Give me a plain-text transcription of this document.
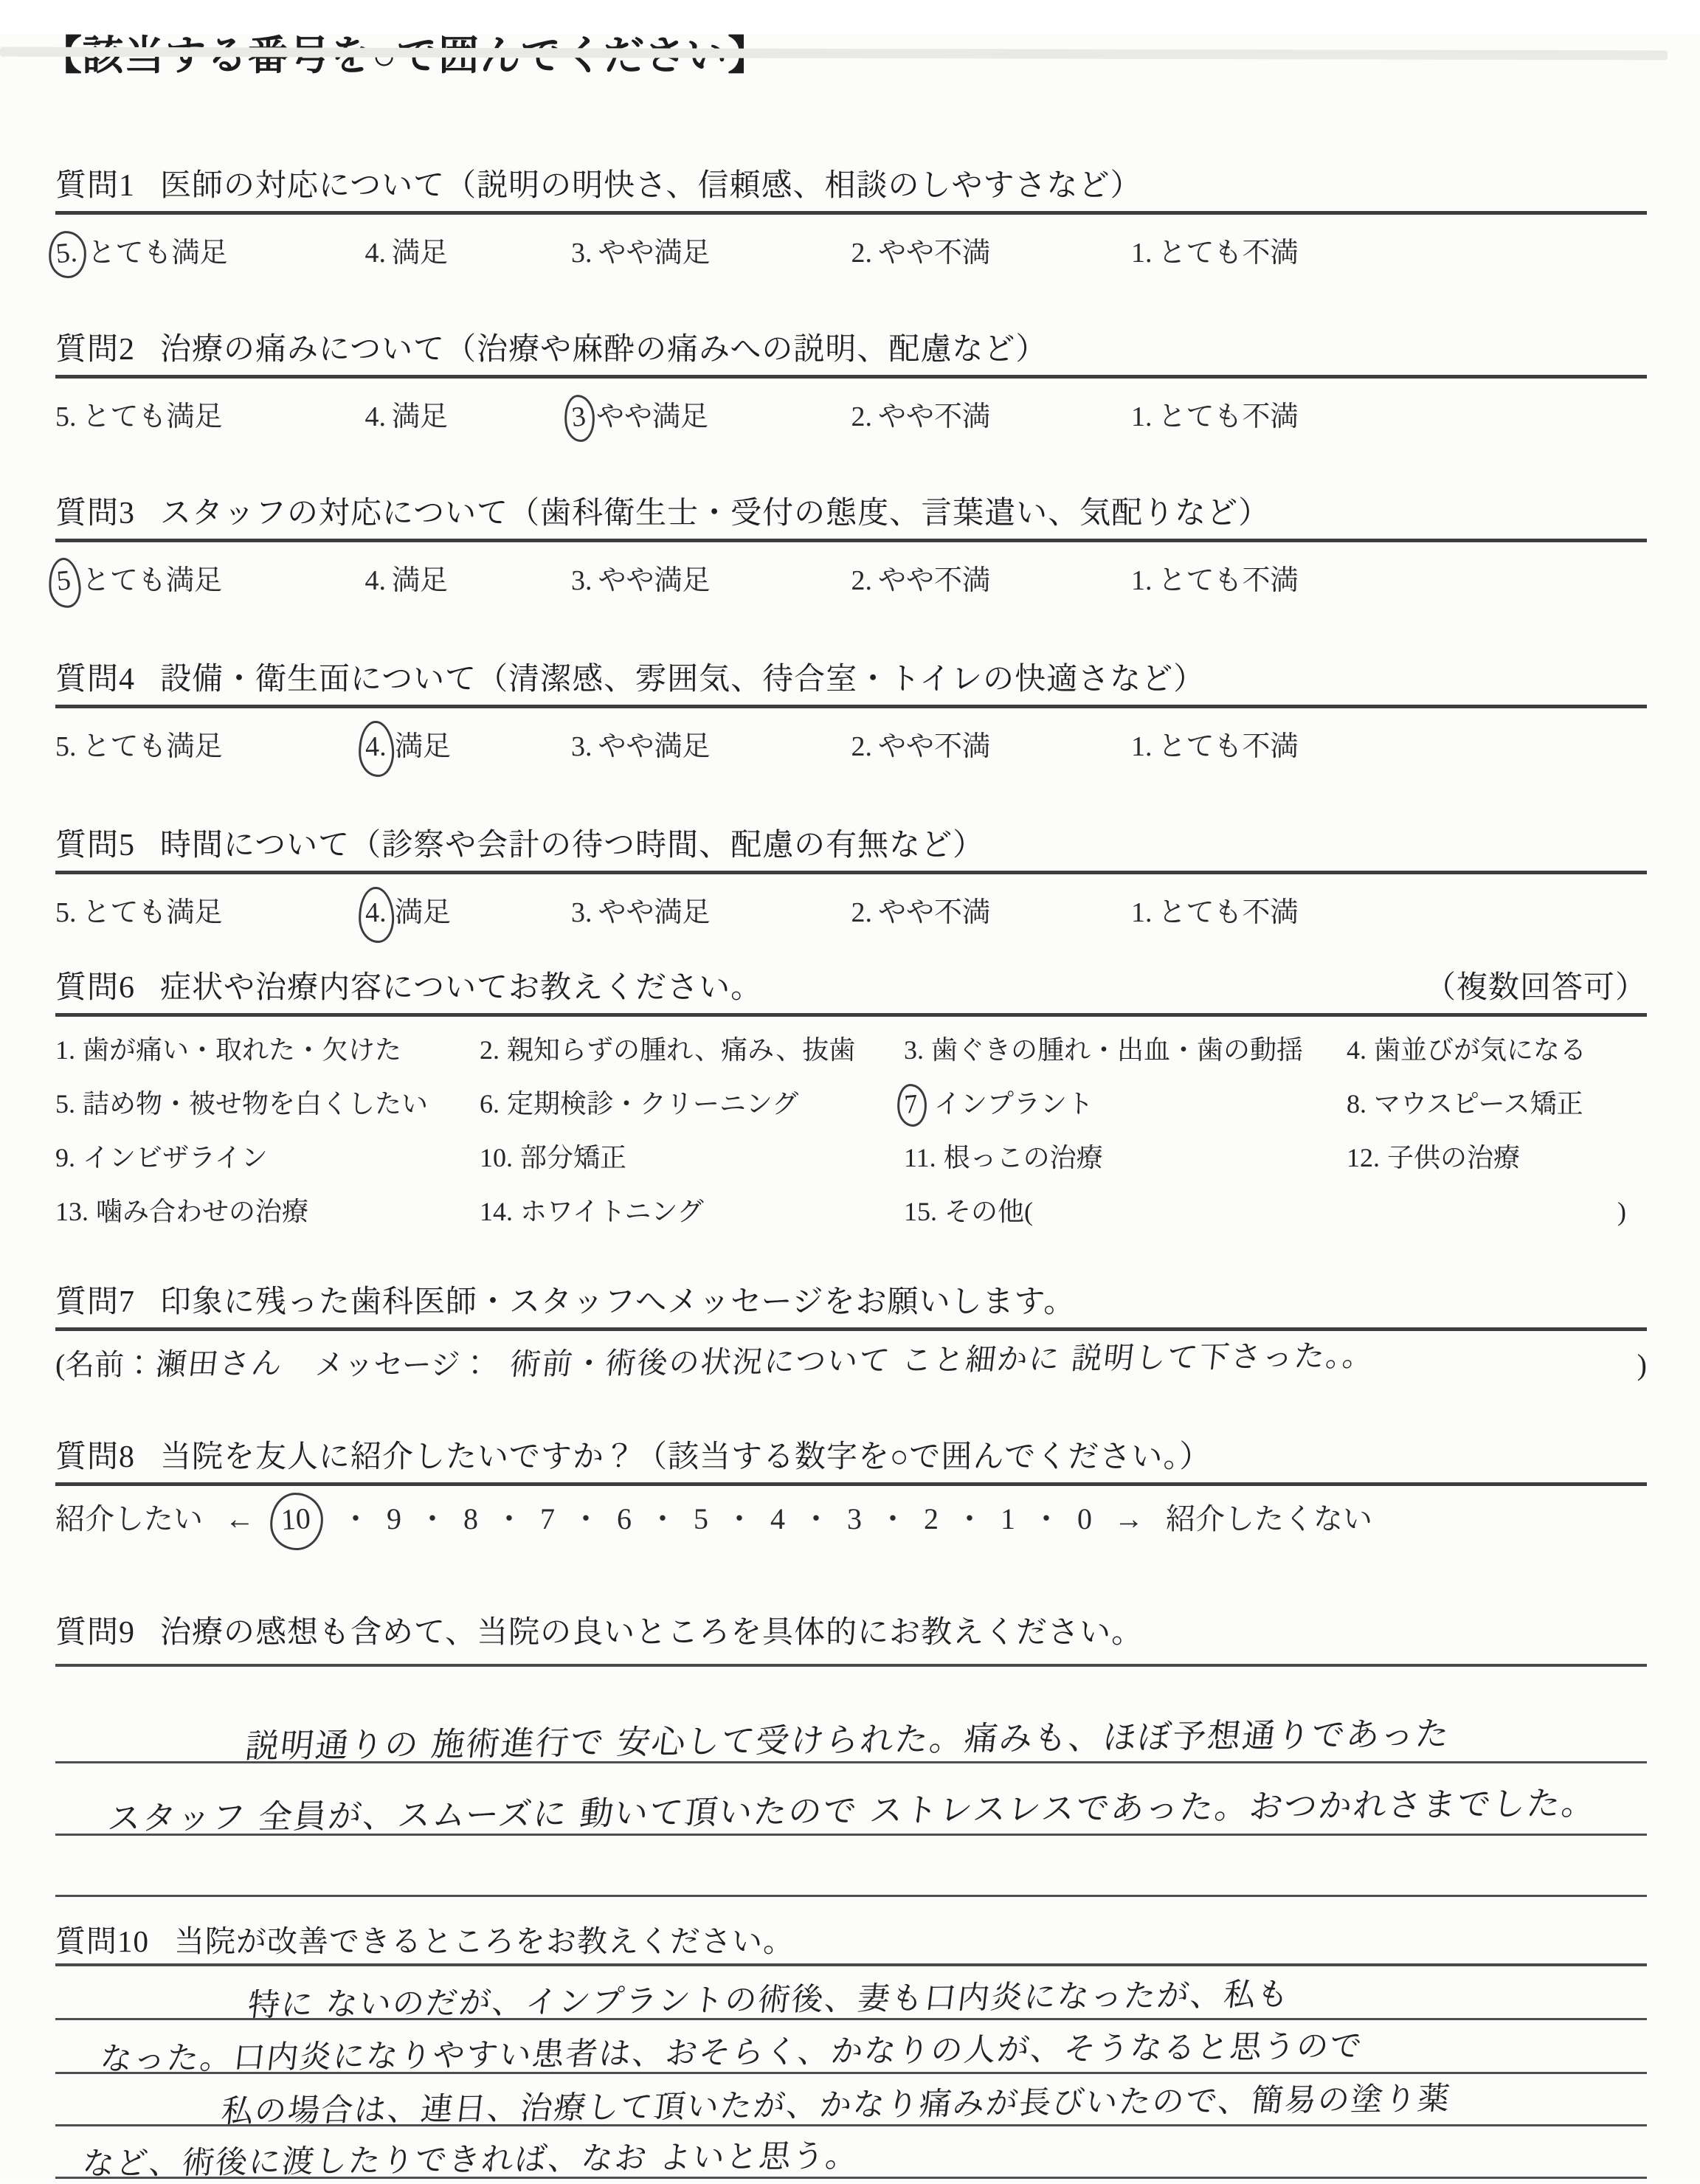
質問1 医師の対応について（説明の明快さ、信頼感、相談のしやすさなど）
5. とても満足	4. 満足	3. やや満足	2. やや不満	1. とても不満
質問2 治療の痛みについて（治療や麻酔の痛みへの説明、配慮など）
5. とても満足	4. 満足	3 やや満足	2. やや不満	1. とても不満
質問3 スタッフの対応について（歯科衛生士・受付の態度、言葉遣い、気配りなど）
5 とても満足	4. 満足	3. やや満足	2. やや不満	1. とても不満
質問4 設備・衛生面について（清潔感、雰囲気、待合室・トイレの快適さなど）
5. とても満足	4. 満足	3. やや満足	2. やや不満	1. とても不満
質問5 時間について（診察や会計の待つ時間、配慮の有無など）
5. とても満足	4. 満足	3. やや満足	2. やや不満	1. とても不満
質問6 症状や治療内容についてお教えください。	（複数回答可）
1. 歯が痛い・取れた・欠けた	2. 親知らずの腫れ、痛み、抜歯	3. 歯ぐきの腫れ・出血・歯の動揺	4. 歯並びが気になる
5. 詰め物・被せ物を白くしたい	6. 定期検診・クリーニング	7 インプラント	8. マウスピース矯正
9. インビザライン	10. 部分矯正	11. 根っこの治療	12. 子供の治療
13. 噛み合わせの治療	14. ホワイトニング	15. その他(	)
質問7 印象に残った歯科医師・スタッフへメッセージをお願いします。
(名前： 瀬田さん メッセージ： 術前・術後の状況について こと細かに 説明して下さった。。	)
質問8 当院を友人に紹介したいですか？（該当する数字を○で囲んでください。）
紹介したい ← 10	・ 9 ・ 8 ・ 7 ・ 6 ・ 5 ・ 4 ・ 3 ・ 2 ・ 1 ・ 0 → 紹介したくない
質問9 治療の感想も含めて、当院の良いところを具体的にお教えください。
説明通りの 施術進行で 安心して受けられた。痛みも、ほぼ予想通りであった
スタッフ 全員が、スムーズに 動いて頂いたので ストレスレスであった。おつかれさまでした。
質問10 当院が改善できるところをお教えください。
特に ないのだが、インプラントの術後、妻も口内炎になったが、私も
なった。口内炎になりやすい患者は、おそらく、かなりの人が、そうなると思うので
私の場合は、連日、治療して頂いたが、かなり痛みが長びいたので、簡易の塗り薬
など、術後に渡したりできれば、なお よいと思う。
